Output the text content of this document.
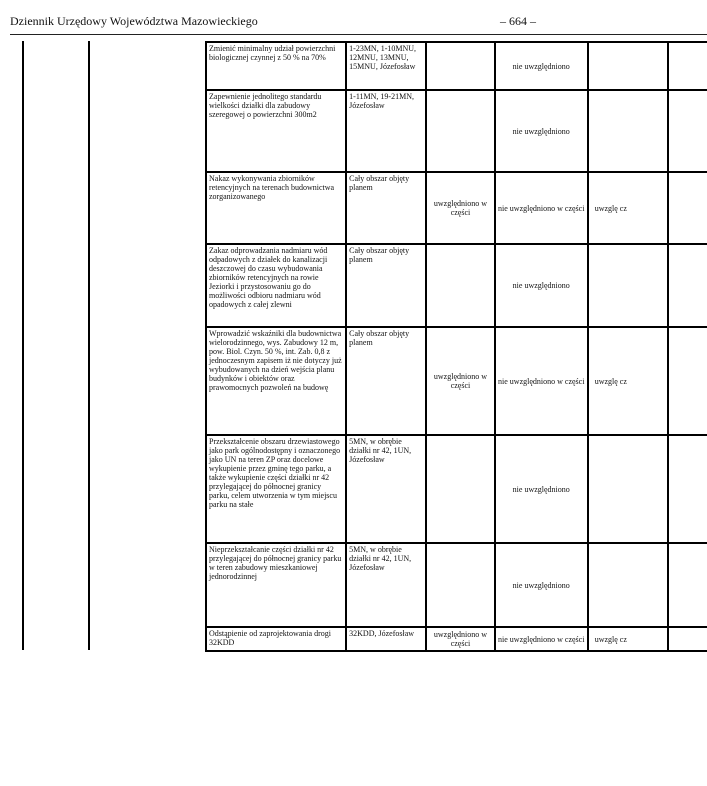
Dziennik Urzędowy Województwa Mazowieckiego	– 664 –
Zmienić minimalny udział powierzchni biologicznej czynnej z 50 % na 70%	1-23MN, 1-10MNU, 12MNU, 13MNU, 15MNU, Józefosław		nie uwzględniono		
Zapewnienie jednolitego standardu wielkości działki dla zabudowy szeregowej o powierzchni 300m2	1-11MN, 19-21MN, Józefosław		nie uwzględniono		
Nakaz wykonywania zbiorników retencyjnych na terenach budownictwa zorganizowanego	Cały obszar objęty planem	uwzględniono w części	nie uwzględniono w części	uwzglę cz	
Zakaz odprowadzania nadmiaru wód odpadowych z działek do kanalizacji deszczowej do czasu wybudowania zbiorników retencyjnych na rowie Jeziorki i przystosowaniu go do możliwości odbioru nadmiaru wód opadowych z całej zlewni	Cały obszar objęty planem		nie uwzględniono		
Wprowadzić wskaźniki dla budownictwa wielorodzinnego, wys. Zabudowy 12 m, pow. Biol. Czyn. 50 %, int. Zab. 0,8 z jednoczesnym zapisem iż nie dotyczy już wybudowanych na dzień wejścia planu budynków i obiektów oraz prawomocnych pozwoleń na budowę	Cały obszar objęty planem	uwzględniono w części	nie uwzględniono w części	uwzglę cz	
Przekształcenie obszaru drzewiastowego jako park ogólnodostępny i oznaczonego jako UN na teren ZP oraz docelowe wykupienie przez gminę tego parku, a także wykupienie części działki nr 42 przylegającej do północnej granicy parku, celem utworzenia w tym miejscu parku na stałe	5MN, w obrębie działki nr 42, 1UN, Józefosław		nie uwzględniono		
Nieprzekształcanie części działki nr 42 przylegającej do północnej granicy parku w teren zabudowy mieszkaniowej jednorodzinnej	5MN, w obrębie działki nr 42, 1UN, Józefosław		nie uwzględniono		
Odstąpienie od zaprojektowania drogi 32KDD	32KDD, Józefosław	uwzględniono w części	nie uwzględniono w części	uwzglę cz	
